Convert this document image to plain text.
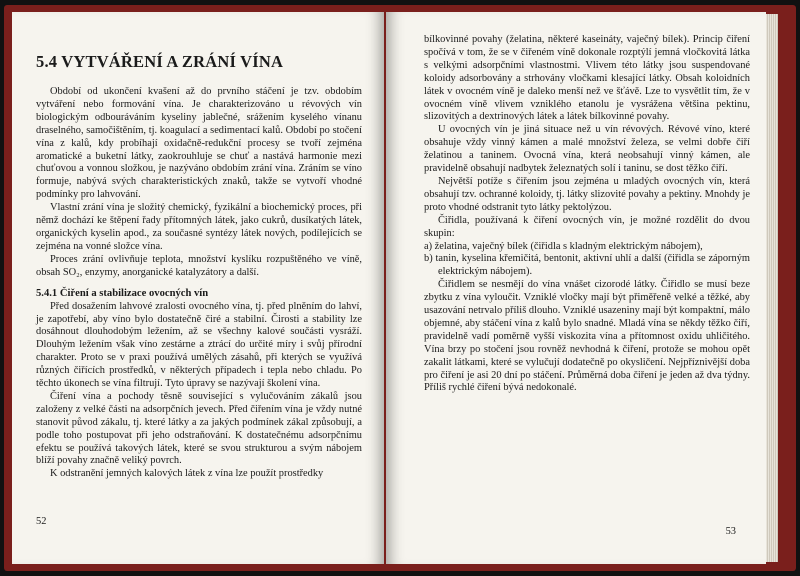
5.4 VYTVÁŘENÍ A ZRÁNÍ VÍNA

Období od ukončení kvašení až do prvního stáčení je tzv. obdobím vytváření nebo formování vína. Je charakterizováno u révových vín biologickým odbouráváním kyseliny jablečné, srážením kyselého vínanu draselného, samočištěním, tj. koagulací a sedimentací kalů. Období po stočení vína z kalů, kdy probíhají oxidačně-redukční procesy se tvoří zejména aromatické a buketní látky, zaokrouhluje se chuť a nastává harmonie mezi chuťovou a vonnou složkou, je nazýváno obdobím zrání vína. Zráním se víno formuje, nabývá svých charakteristických znaků, takže se vytvoří vhodné podmínky pro lahvování.

Vlastní zrání vína je složitý chemický, fyzikální a biochemický proces, při němž dochází ke štěpení řady přítomných látek, jako cukrů, dusíkatých látek, organických kyselin apod., za současné syntézy látek nových, podílejících se zejména na vonné složce vína.

Proces zrání ovlivňuje teplota, množství kyslíku rozpuštěného ve víně, obsah SO₂, enzymy, anorganické katalyzátory a další.

5.4.1 Čiření a stabilizace ovocných vín

Před dosažením lahvové zralosti ovocného vína, tj. před plněním do lahví, je zapotřebí, aby víno bylo dostatečně čiré a stabilní. Čirosti a stability lze dosáhnout dlouhodobým ležením, až se všechny kalové součásti vysráží. Dlouhým ležením však víno zestárne a ztrácí do určité míry i svůj přírodní charakter. Proto se v praxi používá umělých zásahů, při kterých se využívá různých čiřících prostředků, v některých případech i tepla nebo chladu. Po těchto úkonech se vína filtrují. Tyto úpravy se nazývají školení vína.

Čiření vína a pochody těsně související s vylučováním zákalů jsou založeny z velké části na adsorpčních jevech. Před čiřením vína je vždy nutné stanovit původ zákalu, tj. které látky a za jakých podmínek zákal způsobují, a podle toho postupovat při jeho odstraňování. K dostatečnému adsorpčnímu efektu se používá takových látek, které se svou strukturou a svým nábojem blíží povahy značně veliký povrch.

K odstranění jemných kalových látek z vína lze použít prostředky

52

bílkovinné povahy (želatina, některé kaseináty, vaječný bílek). Princip čiření spočívá v tom, že se v čiřeném víně dokonale rozptýlí jemná vločkovitá látka s velkými adsorpčními vlastnostmi. Vlivem této látky jsou suspendované koloidy adsorbovány a strhovány vločkami klesající látky. Obsah koloidních látek v ovocném víně je daleko menší než ve šťávě. Lze to vysvětlit tím, že v ovocném víně vlivem vzniklého etanolu je vysrážena většina pektinu, slizovitých a dextrinových látek a látek bílkovinné povahy.

U ovocných vín je jiná situace než u vín révových. Révové víno, které obsahuje vždy vinný kámen a malé množství železa, se velmi dobře čiří želatinou a taninem. Ovocná vína, která neobsahují vinný kámen, ale pravidelně obsahují nadbytek železnatých solí i taninu, se dost těžko čiří.

Největší potíže s čiřením jsou zejména u mladých ovocných vín, která obsahují tzv. ochranné koloidy, tj. látky slizovité povahy a pektiny. Mnohdy je proto vhodné odstranit tyto látky pektolýzou.

Čiřidla, používaná k čiření ovocných vín, je možné rozdělit do dvou skupin:

a) želatina, vaječný bílek (čiřidla s kladným elektrickým nábojem),
b) tanin, kyselina křemičitá, bentonit, aktivní uhlí a další (čiřidla se záporným elektrickým nábojem).

Čiřidlem se nesmějí do vína vnášet cizorodé látky. Čiřidlo se musí beze zbytku z vína vyloučit. Vzniklé vločky mají být přiměřeně velké a těžké, aby usazování netrvalo příliš dlouho. Vzniklé usazeniny mají být kompaktní, málo objemné, aby stáčení vína z kalů bylo snadné. Mladá vína se někdy těžko čiří, pravidelně vadí poměrně vyšší viskozita vína a přítomnost oxidu uhličitého. Vína brzy po stočení jsou rovněž nevhodná k čiření, protože se mohou opět zakalit látkami, které se vylučují dodatečně po okysličení. Nejpříznivější doba pro čiření je asi 20 dní po stáčení. Průměrná doba čiření je jeden až dva týdny. Příliš rychlé čiření bývá nedokonalé.

53
